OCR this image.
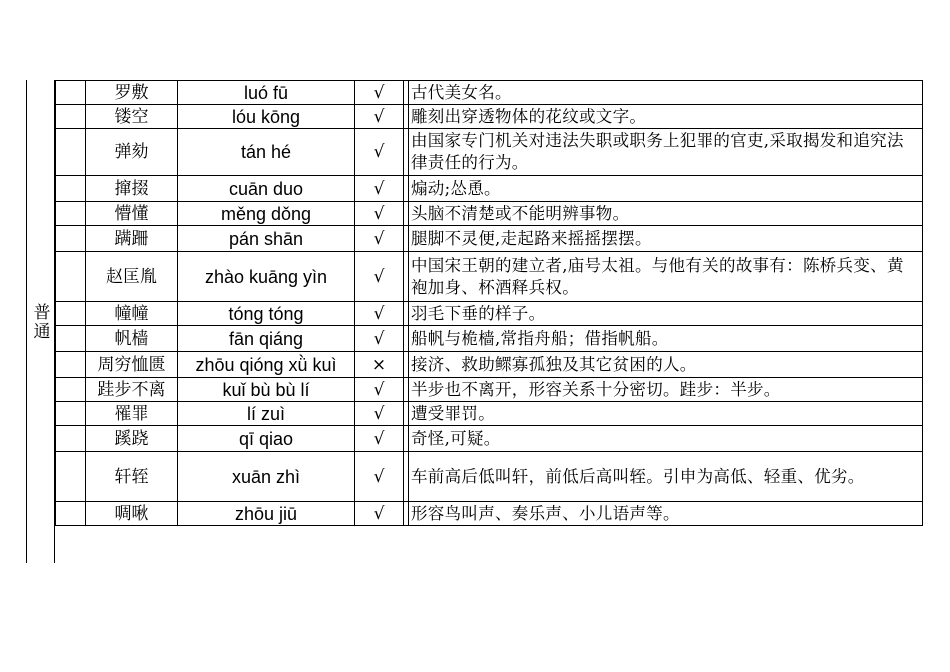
普通
	罗敷	luó fū	√		古代美女名。
	镂空	lóu kōng	√		雕刻出穿透物体的花纹或文字。
	弹劾	tán hé	√		由国家专门机关对违法失职或职务上犯罪的官吏,采取揭发和追究法律责任的行为。
	撺掇	cuān duo	√		煽动;怂恿。
	懵懂	měng dǒng	√		头脑不清楚或不能明辨事物。
	蹒跚	pán shān	√		腿脚不灵便,走起路来摇摇摆摆。
	赵匡胤	zhào kuāng yìn	√		中国宋王朝的建立者,庙号太祖。与他有关的故事有：陈桥兵变、黄袍加身、杯酒释兵权。
	幢幢	tóng tóng	√		羽毛下垂的样子。
	帆樯	fān qiáng	√		船帆与桅樯,常指舟船；借指帆船。
	周穷恤匮	zhōu qióng xǜ kuì	×		接济、救助鳏寡孤独及其它贫困的人。
	跬步不离	kuǐ bù bù lí	√		半步也不离开，形容关系十分密切。跬步：半步。
	罹罪	lí zuì	√		遭受罪罚。
	蹊跷	qī qiao	√		奇怪,可疑。
	轩轾	xuān zhì	√		车前高后低叫轩，前低后高叫轾。引申为高低、轻重、优劣。
	啁啾	zhōu jiū	√		形容鸟叫声、奏乐声、小儿语声等。
